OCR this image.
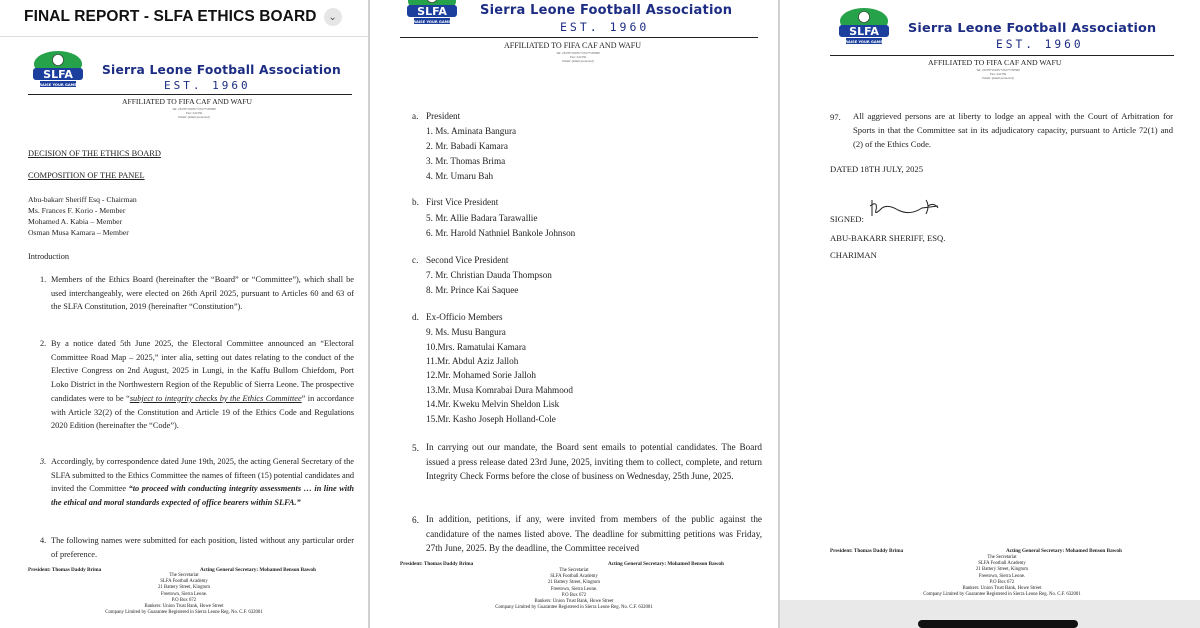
FINAL REPORT - SLFA ETHICS BOARD	⌄
SLFA
RAISE YOUR GAME
Sierra Leone Football Association
EST. 1960
AFFILIATED TO FIFA CAF AND WAFU
Tel: 23278719185/+23277550580
Fax: 241359
Email: [email protected]
DECISION OF THE ETHICS BOARD
COMPOSITION OF THE PANEL
Abu-bakarr Sheriff Esq - Chairman
Ms. Frances F. Korio - Member
Mohamed A. Kabia – Member
Osman Musa Kamara – Member
Introduction
1. Members of the Ethics Board (hereinafter the “Board” or “Committee”), which shall be used interchangeably, were elected on 26th April 2025, pursuant to Articles 60 and 63 of the SLFA Constitution, 2019 (hereinafter “Constitution”).
2. By a notice dated 5th June 2025, the Electoral Committee announced an “Electoral Committee Road Map – 2025,” inter alia, setting out dates relating to the conduct of the Elective Congress on 2nd August, 2025 in Lungi, in the Kaffu Bullom Chiefdom, Port Loko District in the Northwestern Region of the Republic of Sierra Leone. The prospective candidates were to be “subject to integrity checks by the Ethics Committee” in accordance with Article 32(2) of the Constitution and Article 19 of the Ethics Code and Regulations 2020 Edition (hereinafter the “Code”).
3. Accordingly, by correspondence dated June 19th, 2025, the acting General Secretary of the SLFA submitted to the Ethics Committee the names of fifteen (15) potential candidates and invited the Committee “to proceed with conducting integrity assessments … in line with the ethical and moral standards expected of office bearers within SLFA.”
4. The following names were submitted for each position, listed without any particular order of preference.
President: Thomas Daddy Brima	Acting General Secretary: Mohamed Benson Bawoh
The Secretariat
SLFA Football Academy
21 Battery Street, Kingtom
Freetown, Sierra Leone.
P.O Box 672
Bankers: Union Trust Bank, Howe Street
Company Limited by Guarantee Registered in Sierra Leone Reg. No. C.F. 632001
SLFA
RAISE YOUR GAME
Sierra Leone Football Association
EST. 1960
AFFILIATED TO FIFA CAF AND WAFU
Tel: 23278719185/+23277550580
Fax: 241359
Email: [email protected]
a. President
1. Ms. Aminata Bangura
2. Mr. Babadi Kamara
3. Mr. Thomas Brima
4. Mr. Umaru Bah
b. First Vice President
5. Mr. Allie Badara Tarawallie
6. Mr. Harold Nathniel Bankole Johnson
c. Second Vice President
7. Mr. Christian Dauda Thompson
8. Mr. Prince Kai Saquee
d. Ex-Officio Members
9. Ms. Musu Bangura
10.Mrs. Ramatulai Kamara
11.Mr. Abdul Aziz Jalloh
12.Mr. Mohamed Sorie Jalloh
13.Mr. Musa Komrabai Dura Mahmood
14.Mr. Kweku Melvin Sheldon Lisk
15.Mr. Kasho Joseph Holland-Cole
5. In carrying out our mandate, the Board sent emails to potential candidates. The Board issued a press release dated 23rd June, 2025, inviting them to collect, complete, and return Integrity Check Forms before the close of business on Wednesday, 25th June, 2025.
6. In addition, petitions, if any, were invited from members of the public against the candidature of the names listed above. The deadline for submitting petitions was Friday, 27th June, 2025. By the deadline, the Committee received
President: Thomas Daddy Brima	Acting General Secretary: Mohamed Benson Bawoh
The Secretariat
SLFA Football Academy
21 Battery Street, Kingtom
Freetown, Sierra Leone.
P.O Box 672
Bankers: Union Trust Bank, Howe Street
Company Limited by Guarantee Registered in Sierra Leone Reg. No. C.F. 632001
SLFA
RAISE YOUR GAME
Sierra Leone Football Association
EST. 1960
AFFILIATED TO FIFA CAF AND WAFU
Tel: 23278719185/+23277550580
Fax: 241359
Email: [email protected]
97. All aggrieved persons are at liberty to lodge an appeal with the Court of Arbitration for Sports in that the Committee sat in its adjudicatory capacity, pursuant to Article 72(1) and (2) of the Ethics Code.
DATED 18TH JULY, 2025
SIGNED:
ABU-BAKARR SHERIFF, ESQ.
CHARIMAN
President: Thomas Daddy Brima	Acting General Secretary: Mohamed Benson Bawoh
The Secretariat
SLFA Football Academy
21 Battery Street, Kingtom
Freetown, Sierra Leone.
P.O Box 672
Bankers: Union Trust Bank, Howe Street
Company Limited by Guarantee Registered in Sierra Leone Reg. No. C.F. 632001
